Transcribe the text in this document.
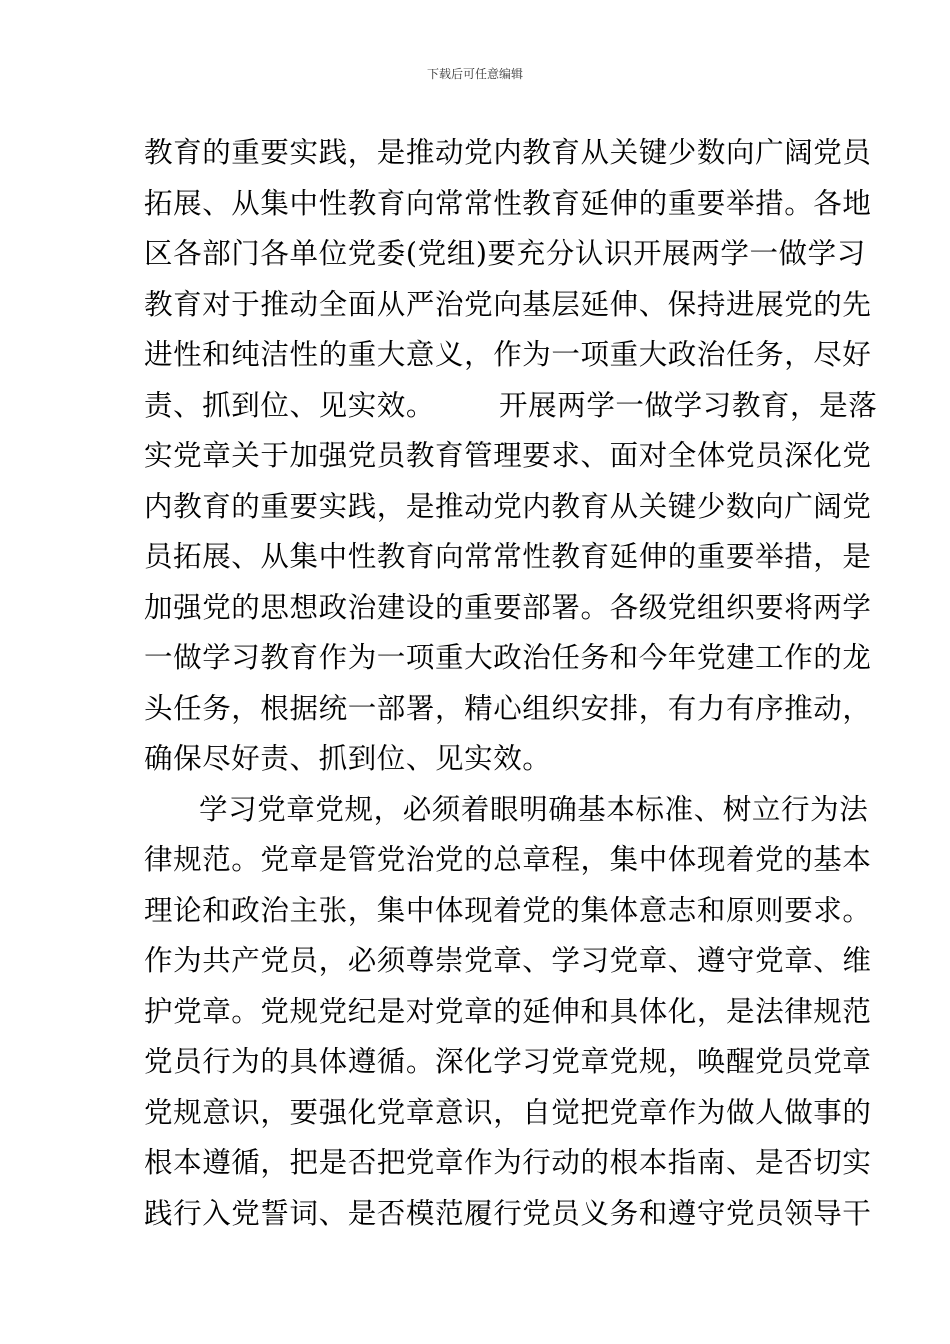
下载后可任意编辑
教育的重要实践，是推动党内教育从关键少数向广阔党员
拓展、从集中性教育向常常性教育延伸的重要举措。各地
区各部门各单位党委(党组)要充分认识开展两学一做学习
教育对于推动全面从严治党向基层延伸、保持进展党的先
进性和纯洁性的重大意义，作为一项重大政治任务，尽好
责、抓到位、见实效。 开展两学一做学习教育，是落
实党章关于加强党员教育管理要求、面对全体党员深化党
内教育的重要实践，是推动党内教育从关键少数向广阔党
员拓展、从集中性教育向常常性教育延伸的重要举措，是
加强党的思想政治建设的重要部署。各级党组织要将两学
一做学习教育作为一项重大政治任务和今年党建工作的龙
头任务，根据统一部署，精心组织安排，有力有序推动，
确保尽好责、抓到位、见实效。
学习党章党规，必须着眼明确基本标准、树立行为法
律规范。党章是管党治党的总章程，集中体现着党的基本
理论和政治主张，集中体现着党的集体意志和原则要求。
作为共产党员，必须尊崇党章、学习党章、遵守党章、维
护党章。党规党纪是对党章的延伸和具体化，是法律规范
党员行为的具体遵循。深化学习党章党规，唤醒党员党章
党规意识，要强化党章意识，自觉把党章作为做人做事的
根本遵循，把是否把党章作为行动的根本指南、是否切实
践行入党誓词、是否模范履行党员义务和遵守党员领导干
